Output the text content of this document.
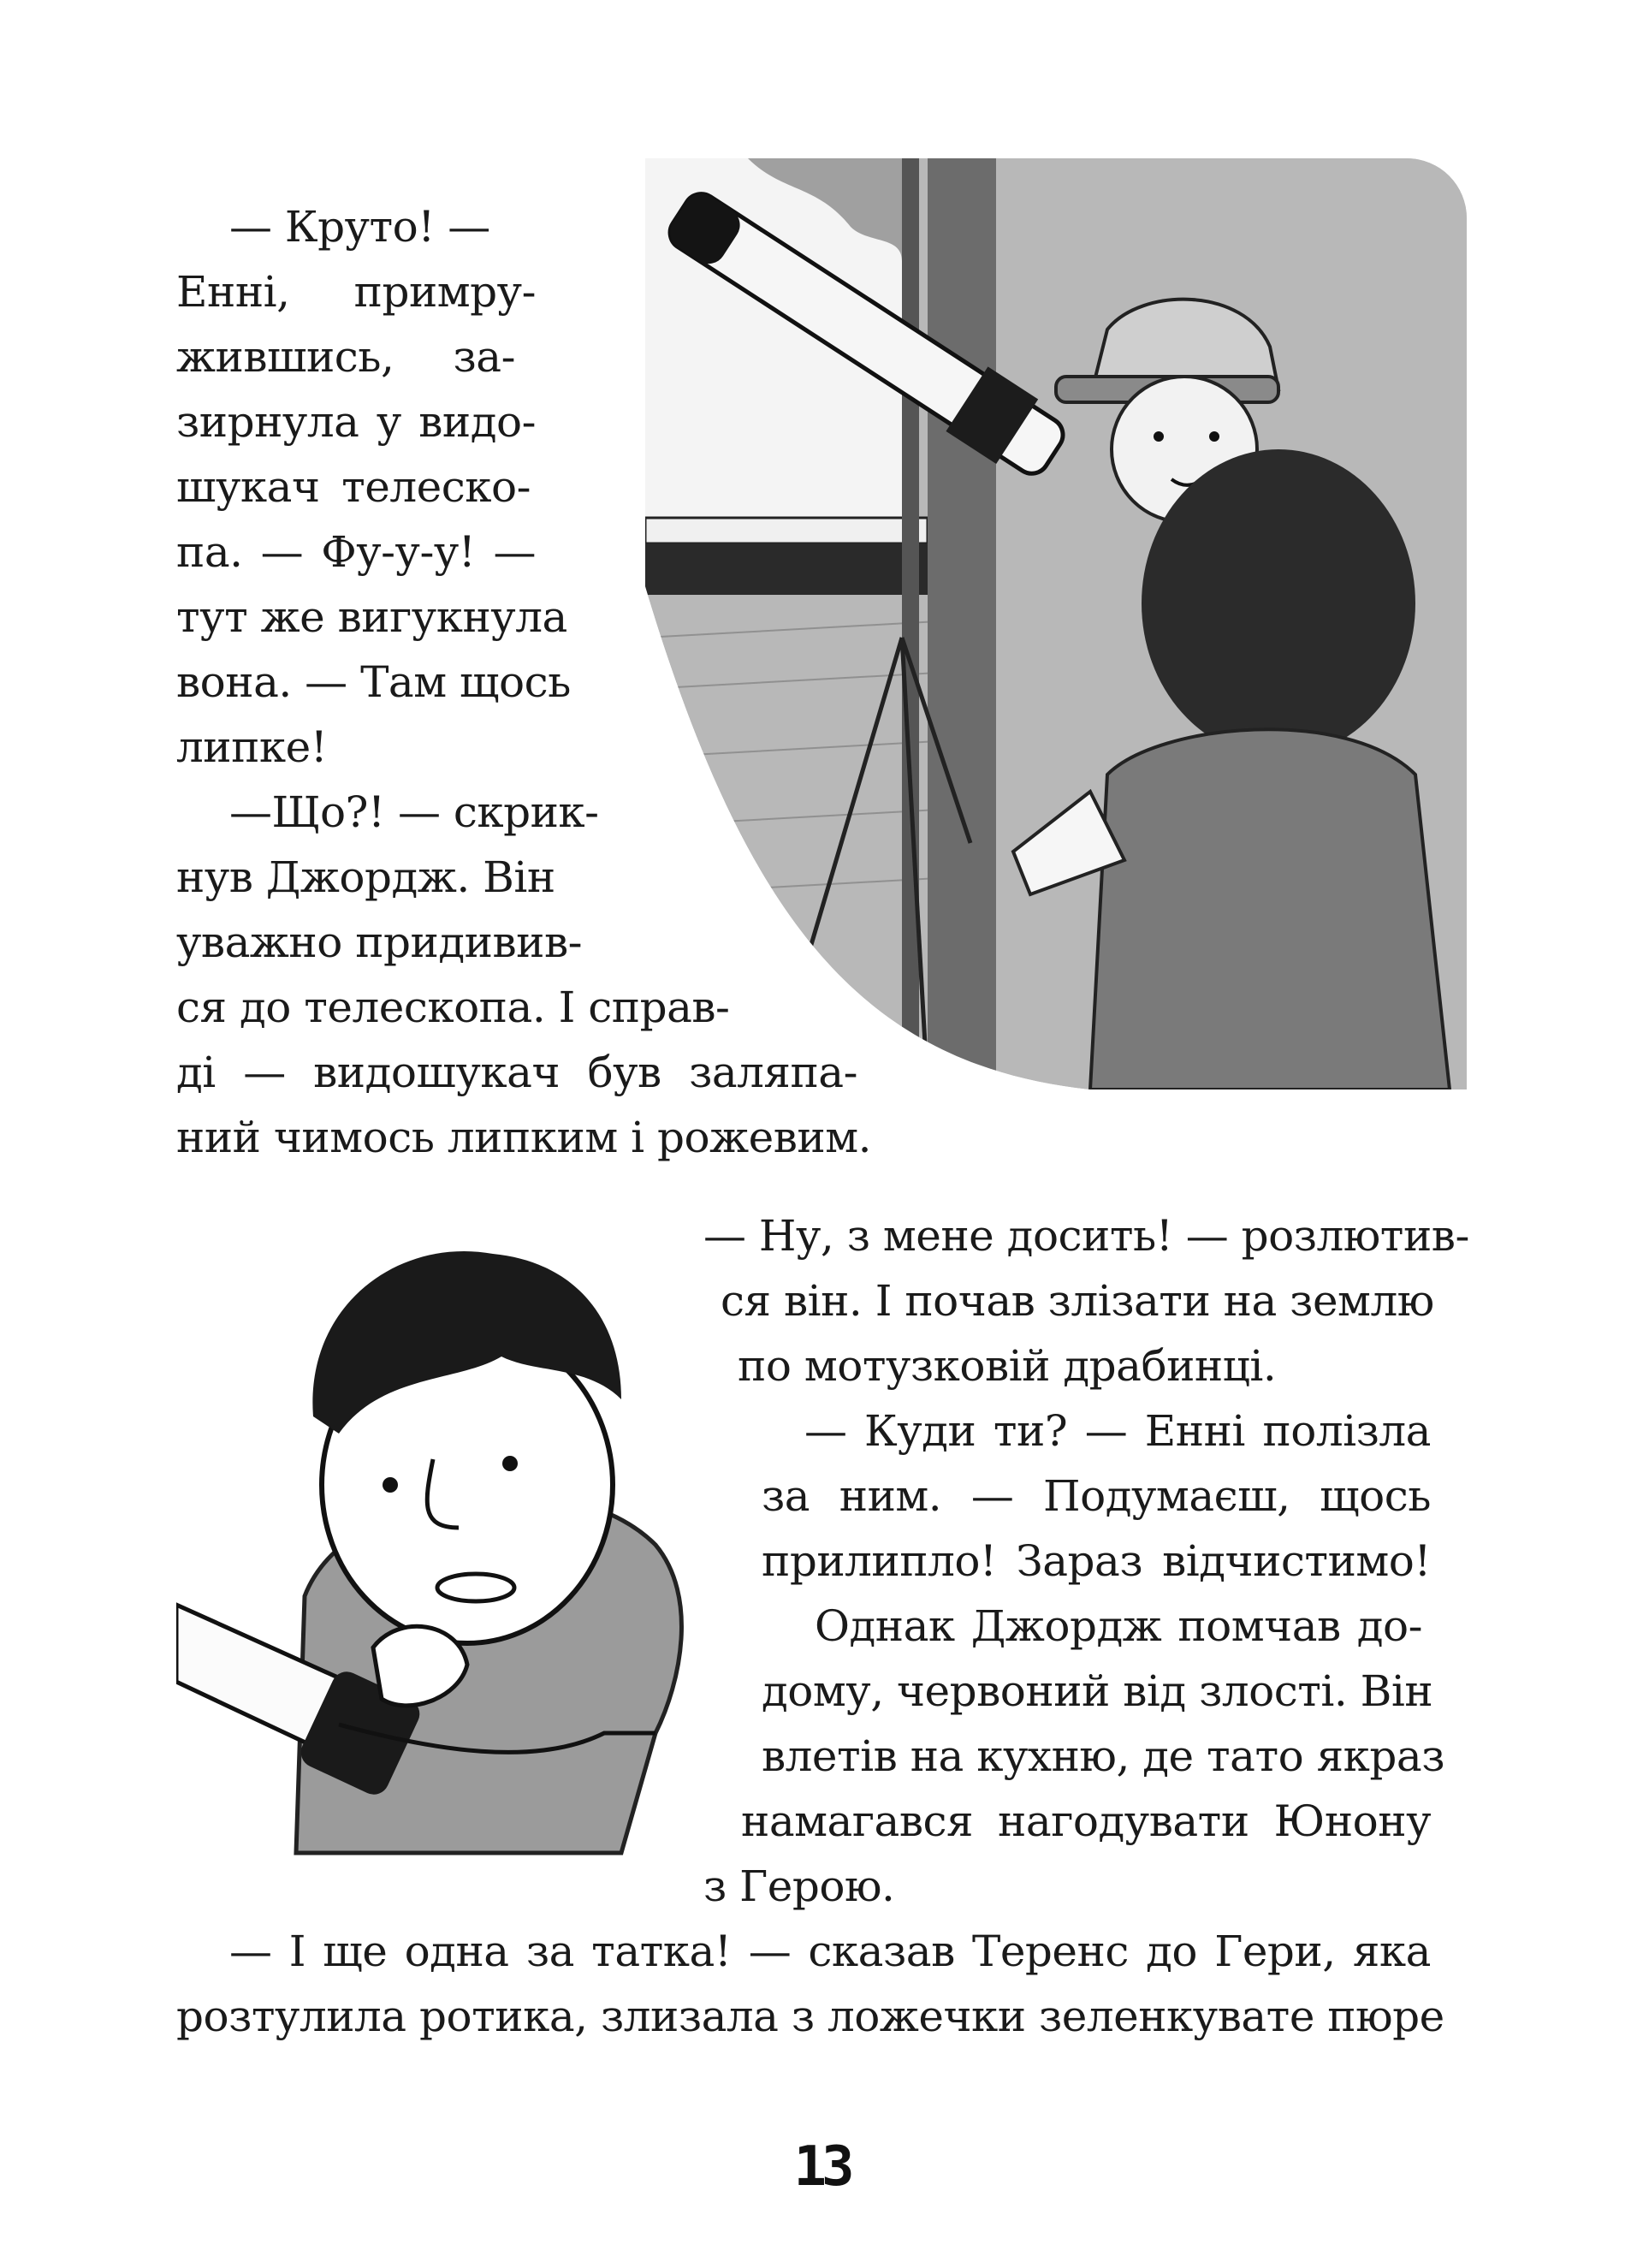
— Круто! —
Енні, примру-
жившись, за-
зирнула у видо-
шукач телеско-
па. — Фу-у-у! —
тут же вигукнула
вона. — Там щось
липке!
—Що?! — скрик-
нув Джордж. Він
уважно придивив-
ся до телескопа. І справ-
ді — видошукач був заляпа-
ний чимось липким і рожевим.
— Ну, з мене досить! — розлютив-
ся він. І почав злізати на землю
по мотузковій драбинці.
— Куди ти? — Енні полізла
за ним. — Подумаєш, щось
прилипло! Зараз відчистимо!
Однак Джордж помчав до-
дому, червоний від злості. Він
влетів на кухню, де тато якраз
намагався нагодувати Юнону
з Герою.
— І ще одна за татка! — сказав Теренс до Гери, яка
розтулила ротика, злизала з ложечки зеленкувате пюре
13
